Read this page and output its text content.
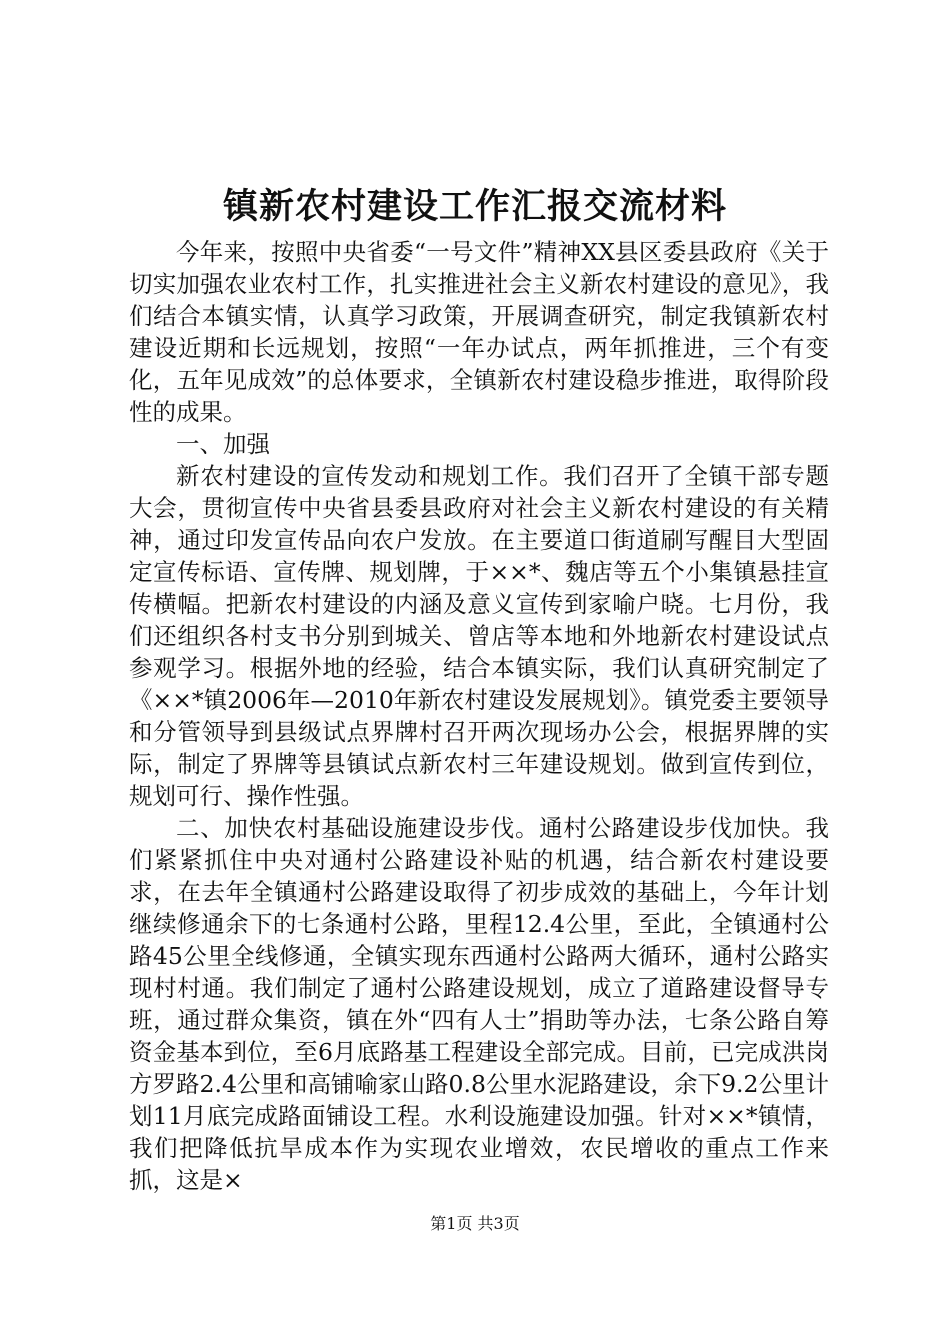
镇新农村建设工作汇报交流材料

今年来，按照中央省委“一号文件”精神XX县区委县政府《关于切实加强农业农村工作，扎实推进社会主义新农村建设的意见》，我们结合本镇实情，认真学习政策，开展调查研究，制定我镇新农村建设近期和长远规划，按照“一年办试点，两年抓推进，三个有变化，五年见成效”的总体要求，全镇新农村建设稳步推进，取得阶段性的成果。

一、加强

新农村建设的宣传发动和规划工作。我们召开了全镇干部专题大会，贯彻宣传中央省县委县政府对社会主义新农村建设的有关精神，通过印发宣传品向农户发放。在主要道口街道刷写醒目大型固定宣传标语、宣传牌、规划牌，于××*、魏店等五个小集镇悬挂宣传横幅。把新农村建设的内涵及意义宣传到家喻户晓。七月份，我们还组织各村支书分别到城关、曾店等本地和外地新农村建设试点参观学习。根据外地的经验，结合本镇实际，我们认真研究制定了《××*镇2006年—2010年新农村建设发展规划》。镇党委主要领导和分管领导到县级试点界牌村召开两次现场办公会，根据界牌的实际，制定了界牌等县镇试点新农村三年建设规划。做到宣传到位，规划可行、操作性强。

二、加快农村基础设施建设步伐。通村公路建设步伐加快。我们紧紧抓住中央对通村公路建设补贴的机遇，结合新农村建设要求，在去年全镇通村公路建设取得了初步成效的基础上，今年计划继续修通余下的七条通村公路，里程12.4公里，至此，全镇通村公路45公里全线修通，全镇实现东西通村公路两大循环，通村公路实现村村通。我们制定了通村公路建设规划，成立了道路建设督导专班，通过群众集资，镇在外“四有人士”捐助等办法，七条公路自筹资金基本到位，至6月底路基工程建设全部完成。目前，已完成洪岗方罗路2.4公里和高铺喻家山路0.8公里水泥路建设，余下9.2公里计划11月底完成路面铺设工程。水利设施建设加强。针对××*镇情，我们把降低抗旱成本作为实现农业增效，农民增收的重点工作来抓，这是×

第1页 共3页
